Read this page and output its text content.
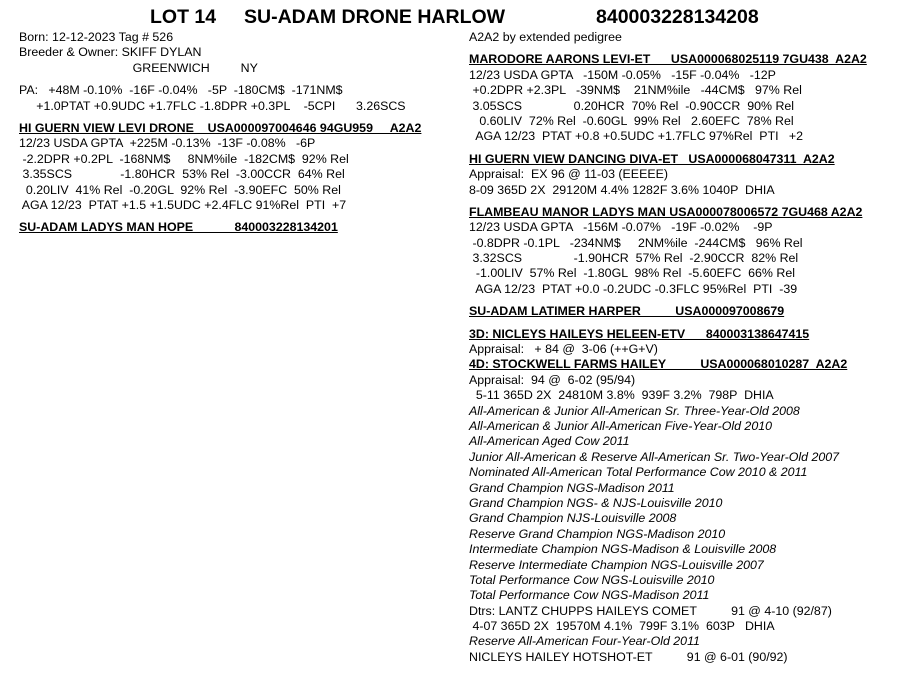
LOT 14

SU-ADAM DRONE HARLOW

	840003228134208

Born: 12-12-2023 Tag # 526
Breeder & Owner: SKIFF DYLAN
GREENWICH         NY
PA:   +48M -0.10%  -16F -0.04%   -5P  -180CM$  -171NM$
+1.0PTAT +0.9UDC +1.7FLC -1.8DPR +0.3PL    -5CPI      3.26SCS
HI GUERN VIEW LEVI DRONE    USA000097004646 94GU959     A2A2
12/23 USDA GPTA  +225M -0.13%  -13F -0.08%   -6P
-2.2DPR +0.2PL  -168NM$     8NM%ile  -182CM$  92% Rel
3.35SCS              -1.80HCR  53% Rel  -3.00CCR  64% Rel
0.20LIV  41% Rel  -0.20GL  92% Rel  -3.90EFC  50% Rel
AGA 12/23  PTAT +1.5 +1.5UDC +2.4FLC 91%Rel  PTI  +7
SU-ADAM LADYS MAN HOPE            840003228134201
A2A2 by extended pedigree
MARODORE AARONS LEVI-ET      USA000068025119 7GU438  A2A2
12/23 USDA GPTA   -150M -0.05%   -15F -0.04%   -12P
+0.2DPR +2.3PL   -39NM$    21NM%ile   -44CM$   97% Rel
3.05SCS               0.20HCR  70% Rel  -0.90CCR  90% Rel
0.60LIV  72% Rel  -0.60GL  99% Rel   2.60EFC  78% Rel
AGA 12/23  PTAT +0.8 +0.5UDC +1.7FLC 97%Rel  PTI   +2
HI GUERN VIEW DANCING DIVA-ET   USA000068047311  A2A2
Appraisal:  EX 96 @ 11-03 (EEEEE)
8-09 365D 2X  29120M 4.4% 1282F 3.6% 1040P  DHIA
FLAMBEAU MANOR LADYS MAN USA000078006572 7GU468 A2A2
12/23 USDA GPTA   -156M -0.07%   -19F -0.02%    -9P
-0.8DPR -0.1PL   -234NM$     2NM%ile  -244CM$   96% Rel
3.32SCS               -1.90HCR  57% Rel  -2.90CCR  82% Rel
-1.00LIV  57% Rel  -1.80GL  98% Rel  -5.60EFC  66% Rel
AGA 12/23  PTAT +0.0 -0.2UDC -0.3FLC 95%Rel  PTI  -39
SU-ADAM LATIMER HARPER          USA000097008679
3D: NICLEYS HAILEYS HELEEN-ETV      840003138647415
Appraisal:   + 84 @  3-06 (++G+V)
4D: STOCKWELL FARMS HAILEY          USA000068010287  A2A2
Appraisal:  94 @  6-02 (95/94)
5-11 365D 2X  24810M 3.8%  939F 3.2%  798P  DHIA
All-American & Junior All-American Sr. Three-Year-Old 2008
All-American & Junior All-American Five-Year-Old 2010
All-American Aged Cow 2011
Junior All-American & Reserve All-American Sr. Two-Year-Old 2007
Nominated All-American Total Performance Cow 2010 & 2011
Grand Champion NGS-Madison 2011
Grand Champion NGS- & NJS-Louisville 2010
Grand Champion NJS-Louisville 2008
Reserve Grand Champion NGS-Madison 2010
Intermediate Champion NGS-Madison & Louisville 2008
Reserve Intermediate Champion NGS-Louisville 2007
Total Performance Cow NGS-Louisville 2010
Total Performance Cow NGS-Madison 2011
Dtrs: LANTZ CHUPPS HAILEYS COMET          91 @ 4-10 (92/87)
4-07 365D 2X  19570M 4.1%  799F 3.1%  603P   DHIA
Reserve All-American Four-Year-Old 2011
NICLEYS HAILEY HOTSHOT-ET          91 @ 6-01 (90/92)
